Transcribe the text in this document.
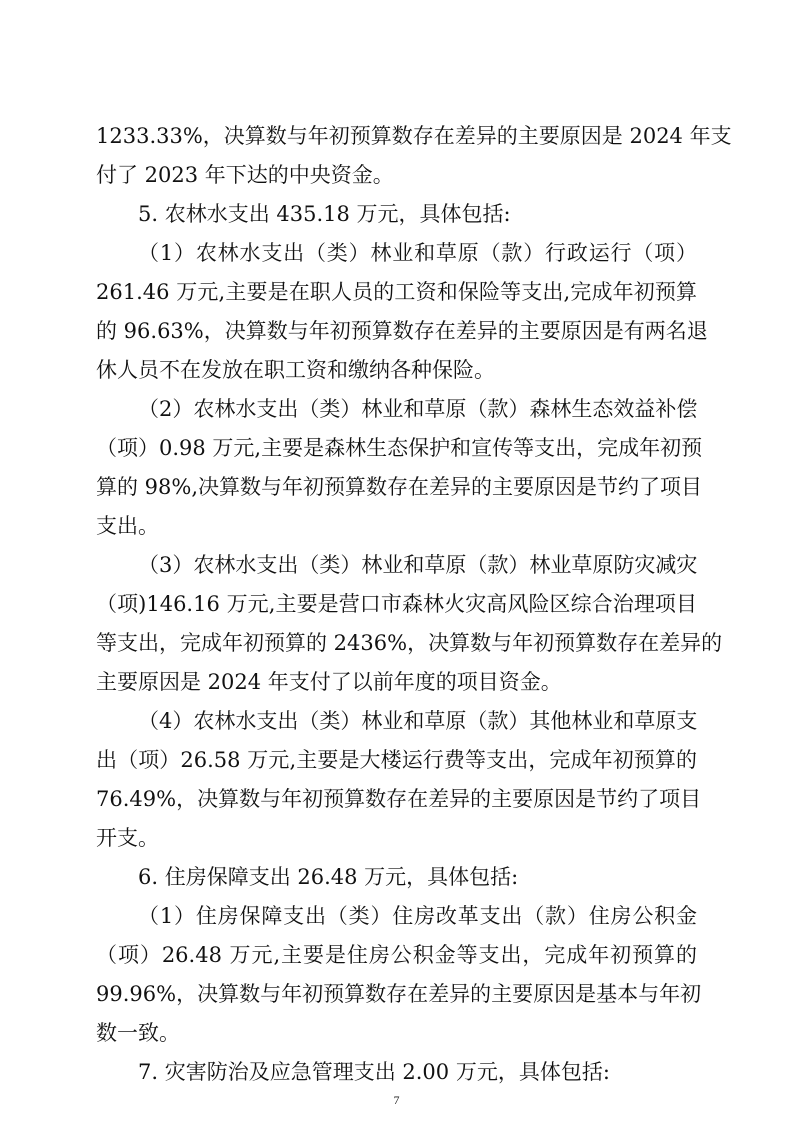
1233.33%，决算数与年初预算数存在差异的主要原因是 2024 年支
付了 2023 年下达的中央资金。
5. 农林水支出 435.18 万元，具体包括:
（1）农林水支出（类）林业和草原（款）行政运行（项）
261.46 万元,主要是在职人员的工资和保险等支出,完成年初预算
的 96.63%，决算数与年初预算数存在差异的主要原因是有两名退
休人员不在发放在职工资和缴纳各种保险。
（2）农林水支出（类）林业和草原（款）森林生态效益补偿
（项）0.98 万元,主要是森林生态保护和宣传等支出，完成年初预
算的 98%,决算数与年初预算数存在差异的主要原因是节约了项目
支出。
（3）农林水支出（类）林业和草原（款）林业草原防灾减灾
（项)146.16 万元,主要是营口市森林火灾高风险区综合治理项目
等支出，完成年初预算的 2436%，决算数与年初预算数存在差异的
主要原因是 2024 年支付了以前年度的项目资金。
（4）农林水支出（类）林业和草原（款）其他林业和草原支
出（项）26.58 万元,主要是大楼运行费等支出，完成年初预算的
76.49%，决算数与年初预算数存在差异的主要原因是节约了项目
开支。
6. 住房保障支出 26.48 万元，具体包括:
（1）住房保障支出（类）住房改革支出（款）住房公积金
（项）26.48 万元,主要是住房公积金等支出，完成年初预算的
99.96%，决算数与年初预算数存在差异的主要原因是基本与年初
数一致。
7. 灾害防治及应急管理支出 2.00 万元，具体包括:
7
